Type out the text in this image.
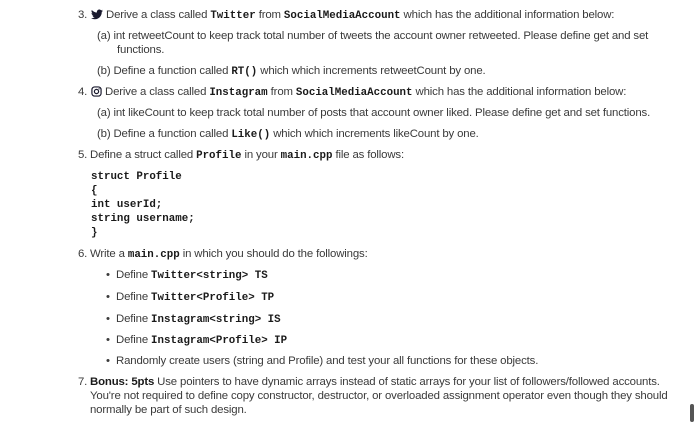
3.	Derive a class called Twitter from SocialMediaAccount which has the additional information below:
(a) int retweetCount to keep track total number of tweets the account owner retweeted. Please define get and set
functions.
(b) Define a function called RT() which which increments retweetCount by one.
4.	Derive a class called Instagram from SocialMediaAccount which has the additional information below:
(a) int likeCount to keep track total number of posts that account owner liked. Please define get and set functions.
(b) Define a function called Like() which which increments likeCount by one.
5. Define a struct called Profile in your main.cpp file as follows:
struct Profile
{
int userId;
string username;
}
6. Write a main.cpp in which you should do the followings:
• Define Twitter<string> TS
• Define Twitter<Profile> TP
• Define Instagram<string> IS
• Define Instagram<Profile> IP
• Randomly create users (string and Profile) and test your all functions for these objects.
7. Bonus: 5pts Use pointers to have dynamic arrays instead of static arrays for your list of followers/followed accounts.
You're not required to define copy constructor, destructor, or overloaded assignment operator even though they should
normally be part of such design.
